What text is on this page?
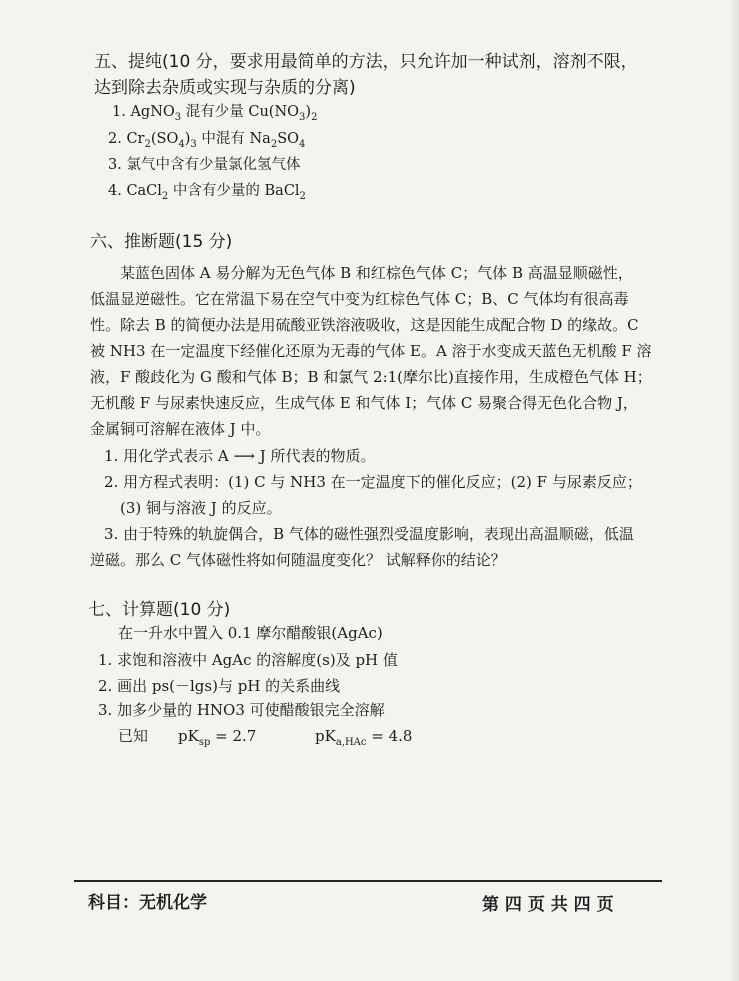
五、提纯(10 分，要求用最简单的方法，只允许加一种试剂，溶剂不限，
达到除去杂质或实现与杂质的分离)
1. AgNO$_3$ 混有少量 $Cu(NO_3)_2$
2. $Cr_2(SO_4)_3$ 中混有 $Na_2SO_4$
3. 氯气中含有少量氯化氢气体
4. CaCl$_2$ 中含有少量的 BaCl$_2$
六、推断题(15 分)
某蓝色固体 A 易分解为无色气体 B 和红棕色气体 C；气体 B 高温显顺磁性，
低温显逆磁性。它在常温下易在空气中变为红棕色气体 C；B、C 气体均有很高毒
性。除去 B 的简便办法是用硫酸亚铁溶液吸收，这是因能生成配合物 D 的缘故。C
被 NH3 在一定温度下经催化还原为无毒的气体 E。A 溶于水变成天蓝色无机酸 F 溶
液，F 酸歧化为 G 酸和气体 B；B 和氯气 2:1(摩尔比)直接作用，生成橙色气体 H；
无机酸 F 与尿素快速反应，生成气体 E 和气体 I；气体 C 易聚合得无色化合物 J，
金属铜可溶解在液体 J 中。
1. 用化学式表示 A ⟶ J 所代表的物质。
2. 用方程式表明：(1) C 与 NH3 在一定温度下的催化反应；(2) F 与尿素反应；
(3) 铜与溶液 J 的反应。
3. 由于特殊的轨旋偶合，B 气体的磁性强烈受温度影响，表现出高温顺磁，低温
逆磁。那么 C 气体磁性将如何随温度变化？ 试解释你的结论？
七、计算题(10 分)
在一升水中置入 0.1 摩尔醋酸银(AgAc)
1. 求饱和溶液中 AgAc 的溶解度(s)及 pH 值
2. 画出 ps(－lgs)与 pH 的关系曲线
3. 加多少量的 HNO3 可使醋酸银完全溶解
已知 $pK_{sp} = 2.7$	$pK_{a,HAc} = 4.8$
科目：无机化学	第 四 页 共 四 页
